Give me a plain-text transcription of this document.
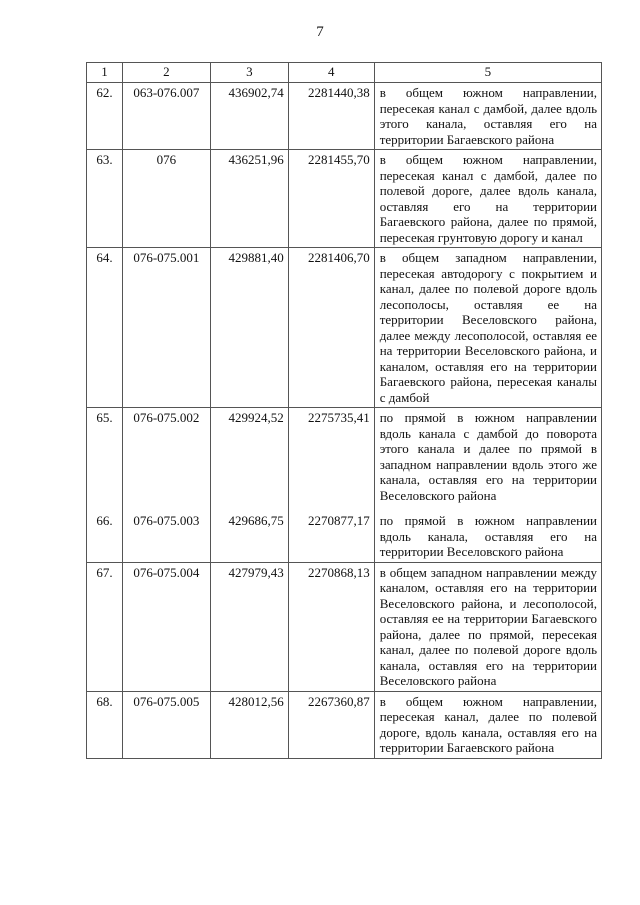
7
1	2	3	4	5
62.	063-076.007	436902,74	2281440,38	в общем южном направлении, пересекая канал с дамбой, далее вдоль этого канала, оставляя его на территории Багаевского района
63.	076	436251,96	2281455,70	в общем южном направлении, пересекая канал с дамбой, далее по полевой дороге, далее вдоль канала, оставляя его на территории Багаевского района, далее по прямой, пересекая грунтовую дорогу и канал
64.	076-075.001	429881,40	2281406,70	в общем западном направлении, пересекая автодорогу с покрытием и канал, далее по полевой дороге вдоль лесополосы, оставляя ее на территории Веселовского района, далее между лесополосой, оставляя ее на территории Веселовского района, и каналом, оставляя его на территории Багаевского района, пересекая каналы с дамбой
65.	076-075.002	429924,52	2275735,41	по прямой в южном направлении вдоль канала с дамбой до поворота этого канала и далее по прямой в западном направлении вдоль этого же канала, оставляя его на территории Веселовского района
66.	076-075.003	429686,75	2270877,17	по прямой в южном направлении вдоль канала, оставляя его на территории Веселовского района
67.	076-075.004	427979,43	2270868,13	в общем западном направлении между каналом, оставляя его на территории Веселовского района, и лесополосой, оставляя ее на территории Багаевского района, далее по прямой, пересекая канал, далее по полевой дороге вдоль канала, оставляя его на территории Веселовского района
68.	076-075.005	428012,56	2267360,87	в общем южном направлении, пересекая канал, далее по полевой дороге, вдоль канала, оставляя его на территории Багаевского района
